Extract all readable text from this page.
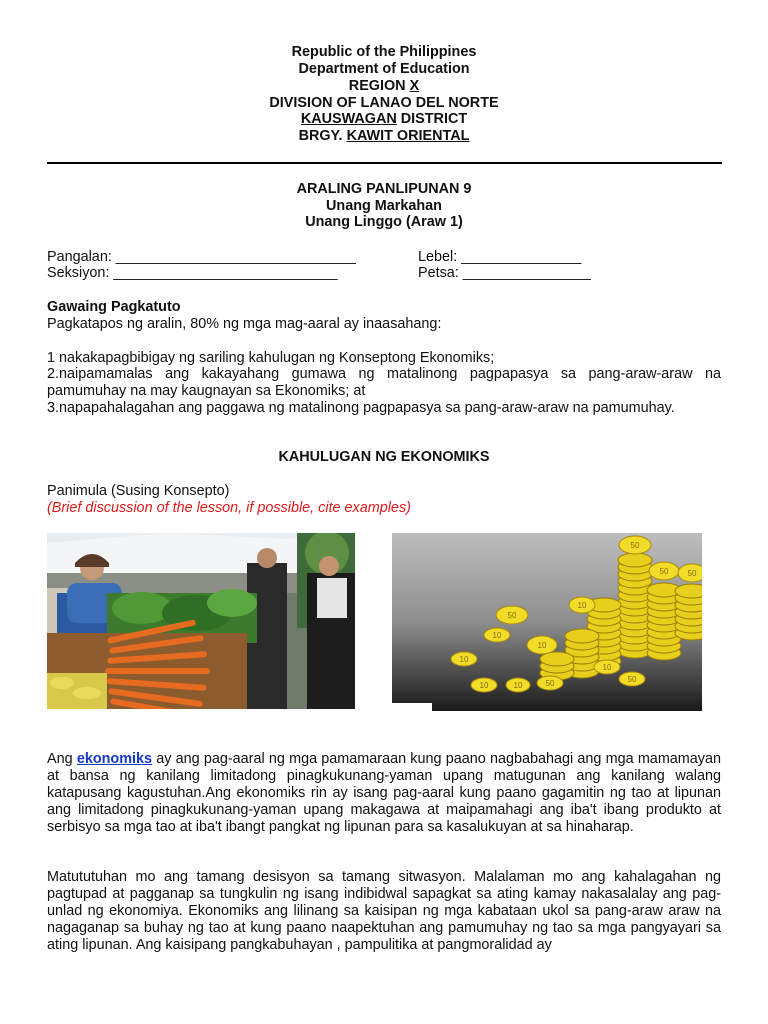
Republic of the Philippines
Department of Education
REGION X
DIVISION OF LANAO DEL NORTE
KAUSWAGAN DISTRICT
BRGY. KAWIT ORIENTAL
ARALING PANLIPUNAN 9
Unang Markahan
Unang Linggo (Araw 1)
Pangalan: ______________________________	Lebel: _______________
Seksiyon: ____________________________	Petsa: ________________
Gawaing Pagkatuto
Pagkatapos ng aralin, 80% ng mga mag-aaral ay inaasahang:
1 nakakapagbibigay ng sariling kahulugan ng Konseptong Ekonomiks;
2.naipamamalas ang kakayahang gumawa ng matalinong pagpapasya sa pang-araw-araw na pamumuhay na may kaugnayan sa Ekonomiks; at
3.napapahalagahan ang paggawa ng matalinong pagpapasya sa pang-araw-araw na pamumuhay.
KAHULUGAN NG EKONOMIKS
Panimula (Susing Konsepto)
(Brief discussion of the lesson, if possible, cite examples)
50
50 50
50
10
10
10
10
10
10	10	50	50
Ang ekonomiks ay ang pag-aaral ng mga pamamaraan kung paano nagbabahagi ang mga mamamayan at bansa ng kanilang limitadong pinagkukunang-yaman upang matugunan ang kanilang walang katapusang kagustuhan.Ang ekonomiks rin ay isang pag-aaral kung paano gagamitin ng tao at lipunan ang limitadong pinagkukunang-yaman upang makagawa at maipamahagi ang iba't ibang produkto at serbisyo sa mga tao at iba't ibangt pangkat ng lipunan para sa kasalukuyan at sa hinaharap.
Matututuhan mo ang tamang desisyon sa tamang sitwasyon. Malalaman mo ang kahalagahan ng pagtupad at pagganap sa tungkulin ng isang indibidwal sapagkat sa ating kamay nakasalalay ang pag-unlad ng ekonomiya. Ekonomiks ang lilinang sa kaisipan ng mga kabataan ukol sa pang-araw araw na nagaganap sa buhay ng tao at kung paano naapektuhan ang pamumuhay ng tao sa mga pangyayari sa ating lipunan. Ang kaisipang pangkabuhayan , pampulitika at pangmoralidad ay
